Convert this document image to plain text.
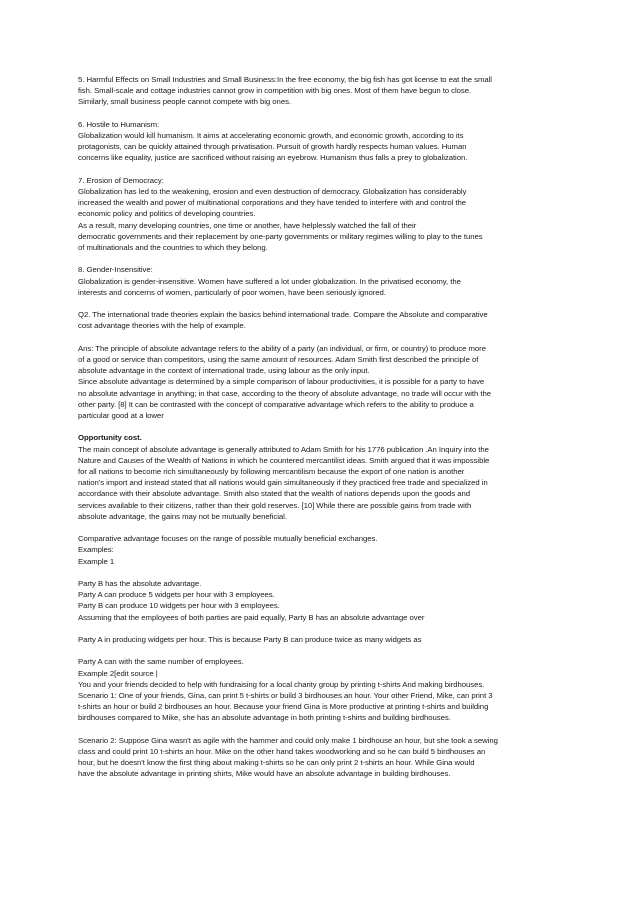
5. Harmful Effects on Small Industries and Small Business:In the free economy, the big fish has got license to eat the small
fish. Small-scale and cottage industries cannot grow in competition with big ones. Most of them have begun to close.
Similarly, small business people cannot compete with big ones.
6. Hostile to Humanism:
Globalization would kill humanism. It aims at accelerating economic growth, and economic growth, according to its
protagonists, can be quickly attained through privatisation. Pursuit of growth hardly respects human values. Human
concerns like equality, justice are sacrificed without raising an eyebrow. Humanism thus falls a prey to globalization.
7. Erosion of Democracy:
Globalization has led to the weakening, erosion and even destruction of democracy. Globalization has considerably
increased the wealth and power of multinational corporations and they have tended to interfere with and control the
economic policy and politics of developing countries.
As a result, many developing countries, one time or another, have helplessly watched the fall of their
democratic governments and their replacement by one-party governments or military regimes willing to play to the tunes
of multinationals and the countries to which they belong.
8. Gender-Insensitive:
Globalization is gender-insensitive. Women have suffered a lot under globalization. In the privatised economy, the
interests and concerns of women, particularly of poor women, have been seriously ignored.
Q2. The international trade theories explain the basics behind international trade. Compare the Absolute and comparative
cost advantage theories with the help of example.
Ans: The principle of absolute advantage refers to the ability of a party (an individual, or firm, or country) to produce more
of a good or service than competitors, using the same amount of resources. Adam Smith first described the principle of
absolute advantage in the context of international trade, using labour as the only input.
Since absolute advantage is determined by a simple comparison of labour productivities, it is possible for a party to have
no absolute advantage in anything; in that case, according to the theory of absolute advantage, no trade will occur with the
other party. [8] It can be contrasted with the concept of comparative advantage which refers to the ability to produce a
particular good at a lower
Opportunity cost.
The main concept of absolute advantage is generally attributed to Adam Smith for his 1776 publication .An Inquiry into the
Nature and Causes of the Wealth of Nations in which he countered mercantilist ideas. Smith argued that it was impossible
for all nations to become rich simultaneously by following mercantilism because the export of one nation is another
nation's import and instead stated that all nations would gain simultaneously if they practiced free trade and specialized in
accordance with their absolute advantage. Smith also stated that the wealth of nations depends upon the goods and
services available to their citizens, rather than their gold reserves. [10] While there are possible gains from trade with
absolute advantage, the gains may not be mutually beneficial.
Comparative advantage focuses on the range of possible mutually beneficial exchanges.
Examples:
Example 1
Party B has the absolute advantage.
Party A can produce 5 widgets per hour with 3 employees.
Party B can produce 10 widgets per hour with 3 employees.
Assuming that the employees of both parties are paid equally, Party B has an absolute advantage over
Party A in producing widgets per hour. This is because Party B can produce twice as many widgets as
Party A can with the same number of employees.
Example 2[edit source |
You and your friends decided to help with fundraising for a local charity group by printing t-shirts And making birdhouses.
Scenario 1: One of your friends, Gina, can print 5 t-shirts or build 3 birdhouses an hour. Your other Friend, Mike, can print 3
t-shirts an hour or build 2 birdhouses an hour. Because your friend Gina is More productive at printing t-shirts and building
birdhouses compared to Mike, she has an absolute advantage in both printing t-shirts and building birdhouses.
Scenario 2: Suppose Gina wasn't as agile with the hammer and could only make 1 birdhouse an hour, but she took a sewing
class and could print 10 t-shirts an hour. Mike on the other hand takes woodworking and so he can build 5 birdhouses an
hour, but he doesn't know the first thing about making t-shirts so he can only print 2 t-shirts an hour. While Gina would
have the absolute advantage in printing shirts, Mike would have an absolute advantage in building birdhouses.
